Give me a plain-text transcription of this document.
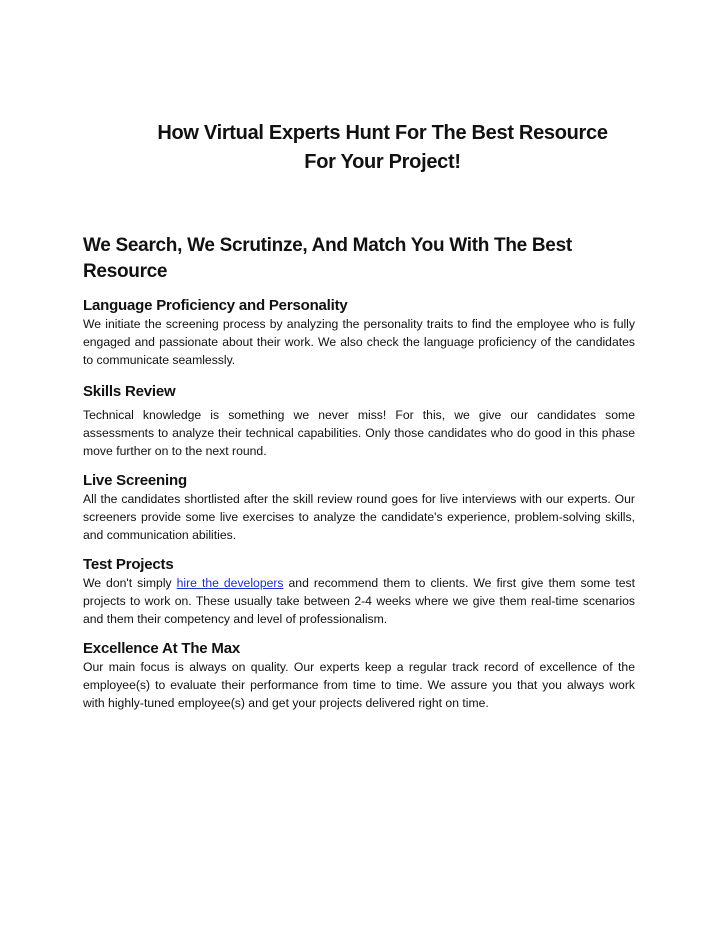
How Virtual Experts Hunt For The Best Resource
For Your Project!
We Search, We Scrutinze, And Match You With The Best
Resource
Language Proficiency and Personality

We initiate the screening process by analyzing the personality traits to find the employee who is fully engaged and passionate about their work. We also check the language proficiency of the candidates to communicate seamlessly.

Skills Review

Technical knowledge is something we never miss! For this, we give our candidates some assessments to analyze their technical capabilities. Only those candidates who do good in this phase move further on to the next round.

Live Screening

All the candidates shortlisted after the skill review round goes for live interviews with our experts. Our screeners provide some live exercises to analyze the candidate's experience, problem-solving skills, and communication abilities.

Test Projects

We don't simply hire the developers and recommend them to clients. We first give them some test projects to work on. These usually take between 2-4 weeks where we give them real-time scenarios and them their competency and level of professionalism.

Excellence At The Max

Our main focus is always on quality. Our experts keep a regular track record of excellence of the employee(s) to evaluate their performance from time to time. We assure you that you always work with highly-tuned employee(s) and get your projects delivered right on time.
